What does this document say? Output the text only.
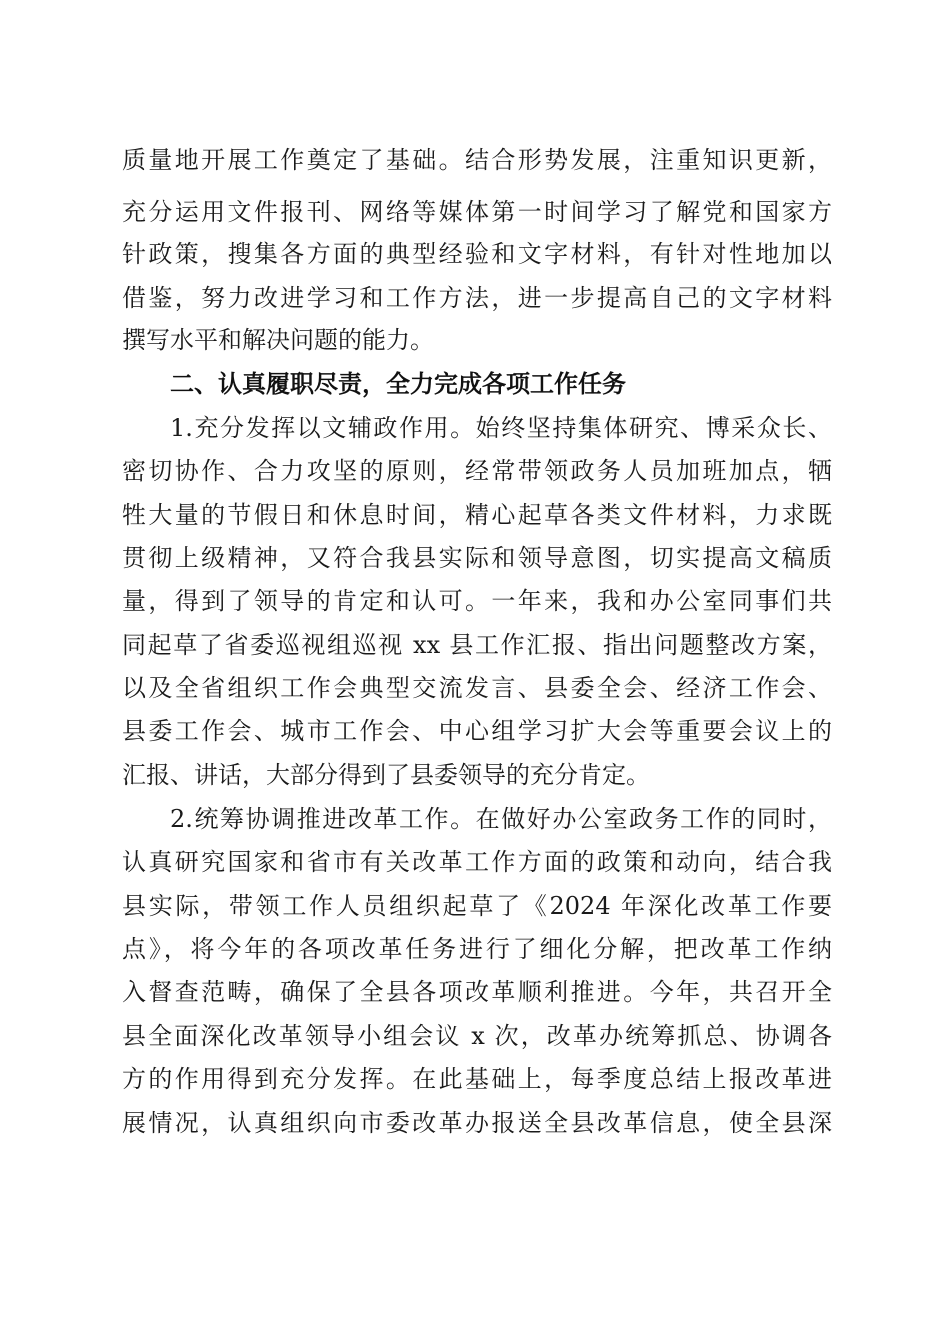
质量地开展工作奠定了基础。结合形势发展，注重知识更新，
充分运用文件报刊、网络等媒体第一时间学习了解党和国家方
针政策，搜集各方面的典型经验和文字材料，有针对性地加以
借鉴，努力改进学习和工作方法，进一步提高自己的文字材料
撰写水平和解决问题的能力。
二、认真履职尽责，全力完成各项工作任务
1.充分发挥以文辅政作用。始终坚持集体研究、博采众长、
密切协作、合力攻坚的原则，经常带领政务人员加班加点，牺
牲大量的节假日和休息时间，精心起草各类文件材料，力求既
贯彻上级精神，又符合我县实际和领导意图，切实提高文稿质
量，得到了领导的肯定和认可。一年来，我和办公室同事们共
同起草了省委巡视组巡视 xx 县工作汇报、指出问题整改方案，
以及全省组织工作会典型交流发言、县委全会、经济工作会、
县委工作会、城市工作会、中心组学习扩大会等重要会议上的
汇报、讲话，大部分得到了县委领导的充分肯定。
2.统筹协调推进改革工作。在做好办公室政务工作的同时，
认真研究国家和省市有关改革工作方面的政策和动向，结合我
县实际，带领工作人员组织起草了《2024 年深化改革工作要
点》，将今年的各项改革任务进行了细化分解，把改革工作纳
入督查范畴，确保了全县各项改革顺利推进。今年，共召开全
县全面深化改革领导小组会议 x 次，改革办统筹抓总、协调各
方的作用得到充分发挥。在此基础上，每季度总结上报改革进
展情况，认真组织向市委改革办报送全县改革信息，使全县深
